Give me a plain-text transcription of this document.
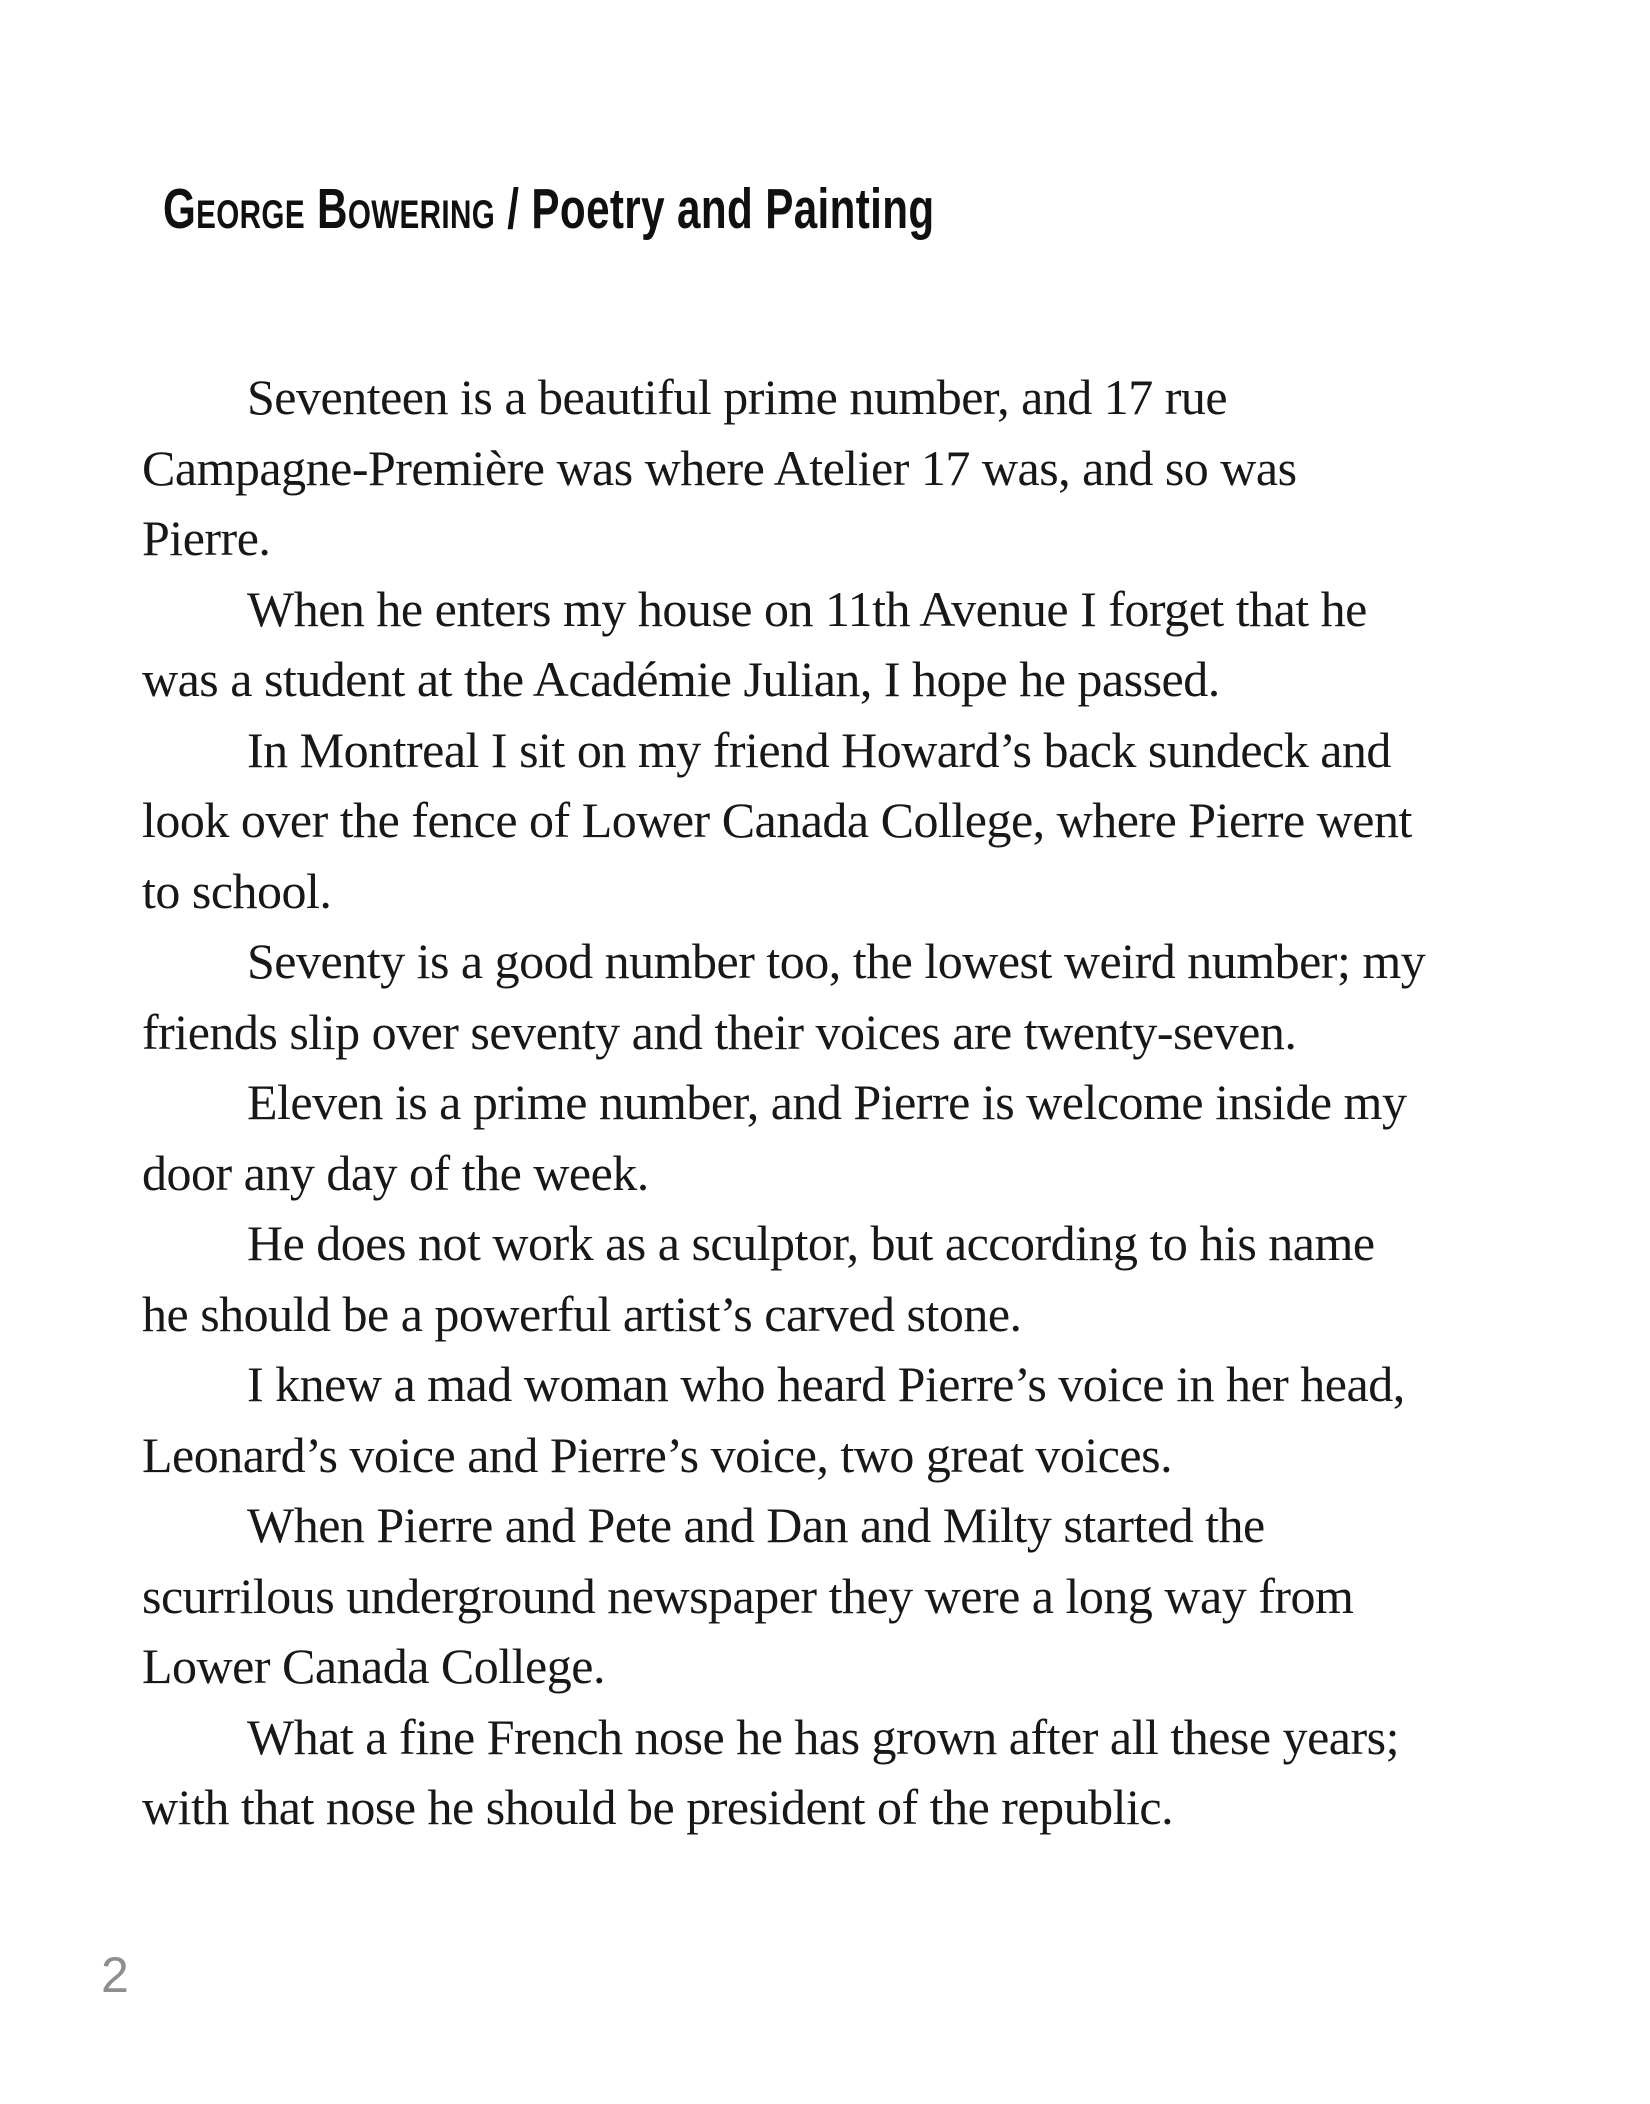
George Bowering / Poetry and Painting
Seventeen is a beautiful prime number, and 17 rue
Campagne-Première was where Atelier 17 was, and so was
Pierre.
When he enters my house on 11th Avenue I forget that he
was a student at the Académie Julian, I hope he passed.
In Montreal I sit on my friend Howard’s back sundeck and
look over the fence of Lower Canada College, where Pierre went
to school.
Seventy is a good number too, the lowest weird number; my
friends slip over seventy and their voices are twenty-seven.
Eleven is a prime number, and Pierre is welcome inside my
door any day of the week.
He does not work as a sculptor, but according to his name
he should be a powerful artist’s carved stone.
I knew a mad woman who heard Pierre’s voice in her head,
Leonard’s voice and Pierre’s voice, two great voices.
When Pierre and Pete and Dan and Milty started the
scurrilous underground newspaper they were a long way from
Lower Canada College.
What a fine French nose he has grown after all these years;
with that nose he should be president of the republic.
2
